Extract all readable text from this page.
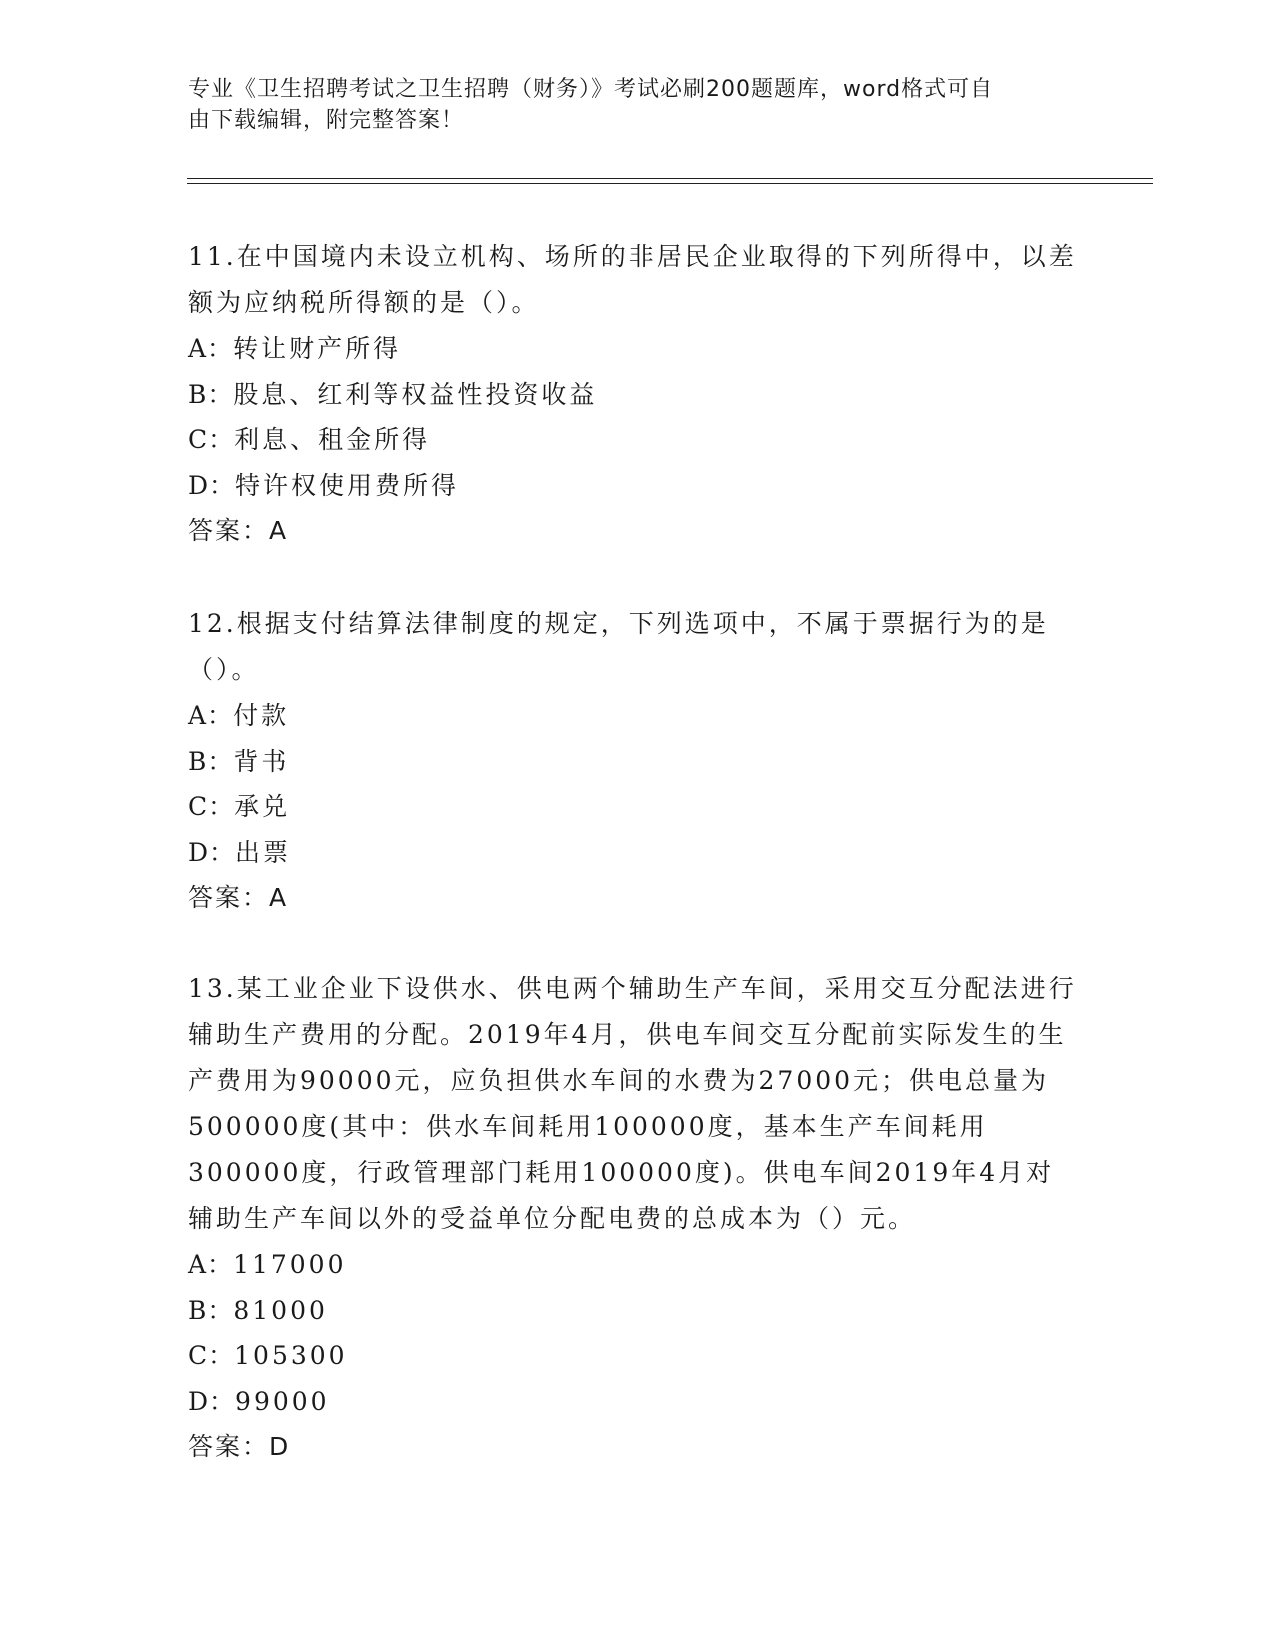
专业《卫生招聘考试之卫生招聘（财务）》考试必刷200题题库，word格式可自
由下载编辑，附完整答案！

11.在中国境内未设立机构、场所的非居民企业取得的下列所得中，以差额为应纳税所得额的是（）。

A：转让财产所得
B：股息、红利等权益性投资收益
C：利息、租金所得
D：特许权使用费所得
答案：A

12.根据支付结算法律制度的规定，下列选项中，不属于票据行为的是（）。

A：付款
B：背书
C：承兑
D：出票
答案：A

13.某工业企业下设供水、供电两个辅助生产车间，采用交互分配法进行辅助生产费用的分配。2019年4月，供电车间交互分配前实际发生的生产费用为90000元，应负担供水车间的水费为27000元；供电总量为500000度(其中：供水车间耗用100000度，基本生产车间耗用300000度，行政管理部门耗用100000度)。供电车间2019年4月对辅助生产车间以外的受益单位分配电费的总成本为（）元。

A：117000
B：81000
C：105300
D：99000
答案：D
